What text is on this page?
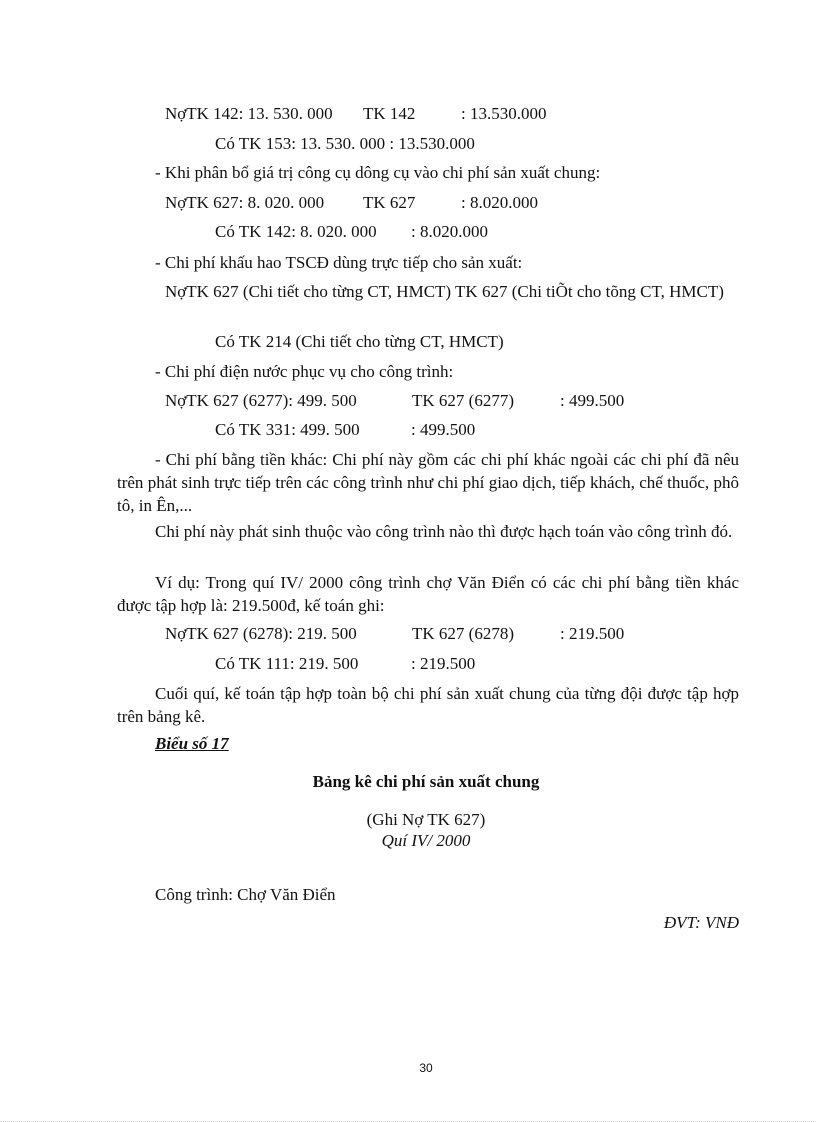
NợTK 142: 13. 530. 000 TK 142	: 13.530.000
Có TK 153: 13. 530. 000 : 13.530.000

- Khi phân bổ giá trị công cụ dông cụ vào chi phí sản xuất chung:

NợTK 627: 8. 020. 000 TK 627	: 8.020.000
Có TK 142: 8. 020. 000 : 8.020.000

- Chi phí khấu hao TSCĐ dùng trực tiếp cho sản xuất:

NợTK 627 (Chi tiết cho từng CT, HMCT) TK 627 (Chi tiÕt cho tõng CT, HMCT)

Có TK 214 (Chi tiết cho từng CT, HMCT)

- Chi phí điện nước phục vụ cho công trình:

NợTK 627 (6277): 499. 500	TK 627 (6277)	: 499.500
Có TK 331: 499. 500	: 499.500

- Chi phí bằng tiền khác: Chi phí này gồm các chi phí khác ngoài các chi phí đã nêu trên phát sinh trực tiếp trên các công trình như chi phí giao dịch, tiếp khách, chế thuốc, phô tô, in Ên,...

Chi phí này phát sinh thuộc vào công trình nào thì được hạch toán vào công trình đó.

Ví dụ: Trong quí IV/ 2000 công trình chợ Văn Điển có các chi phí bằng tiền khác được tập hợp là: 219.500đ, kế toán ghi:

NợTK 627 (6278): 219. 500	TK 627 (6278)	: 219.500
Có TK 111: 219. 500	: 219.500

Cuối quí, kế toán tập hợp toàn bộ chi phí sản xuất chung của từng đội được tập hợp trên bảng kê.

Biểu số 17

Bảng kê chi phí sản xuất chung

(Ghi Nợ TK 627)

Quí IV/ 2000

Công trình: Chợ Văn Điển

ĐVT: VNĐ

30
